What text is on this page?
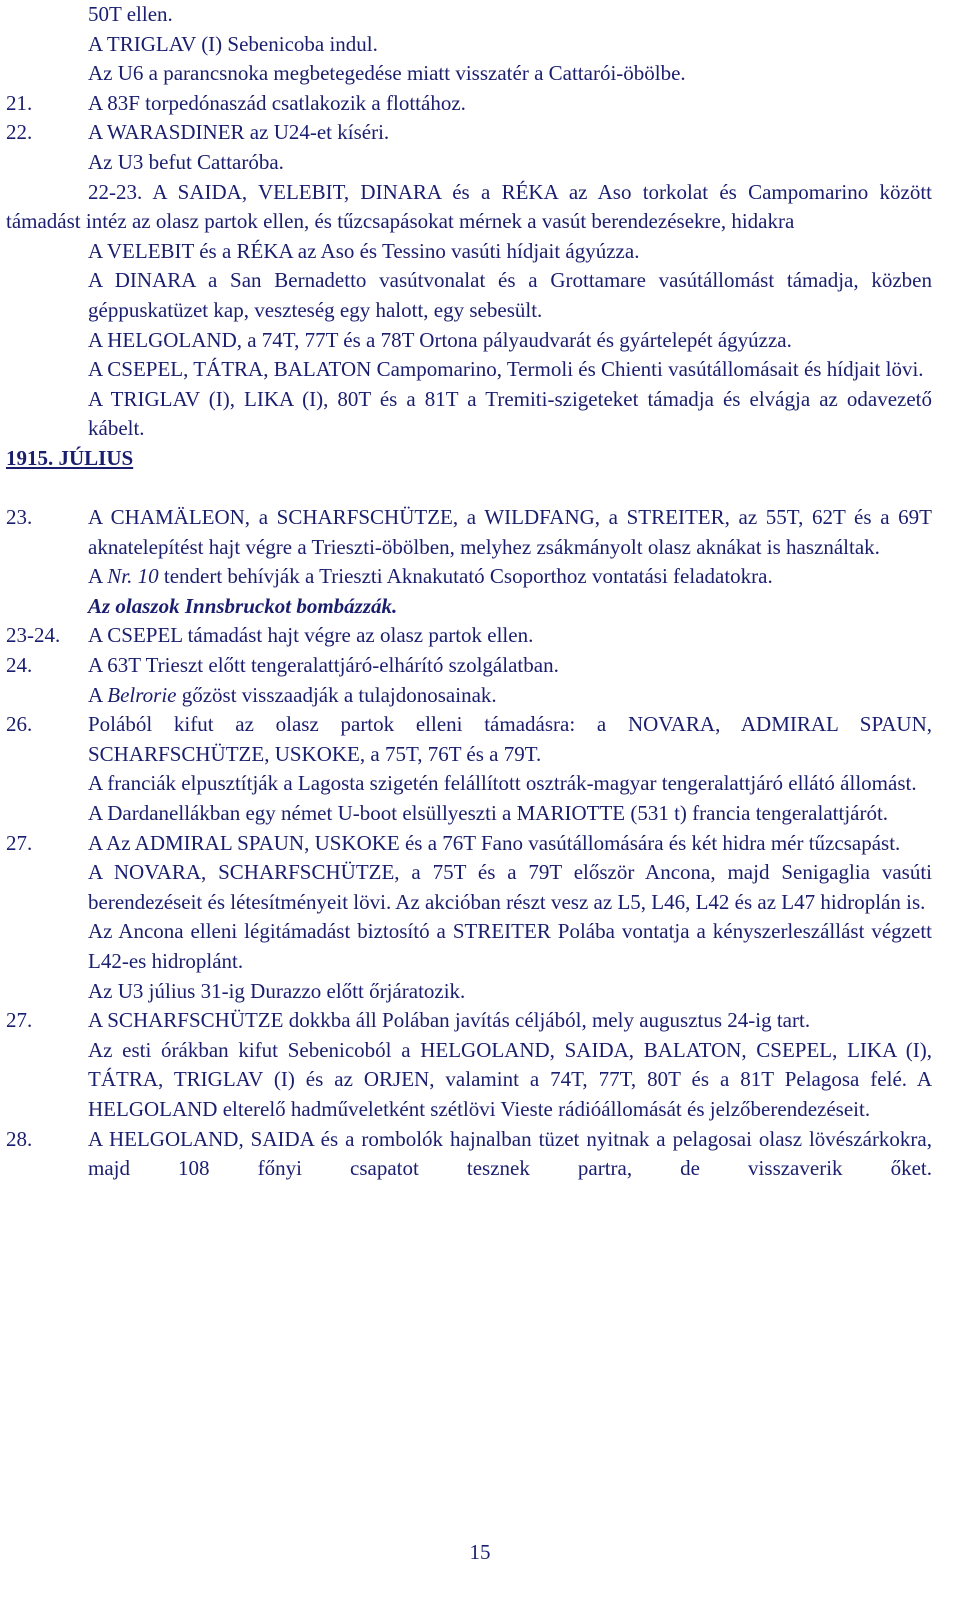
50T ellen.
A TRIGLAV (I) Sebenicoba indul.
Az U6 a parancsnoka megbetegedése miatt visszatér a Cattarói-öbölbe.
21.	A 83F torpedónaszád csatlakozik a flottához.
22.	A WARASDINER az U24-et kíséri.
Az U3 befut Cattaróba.
22-23. A SAIDA, VELEBIT, DINARA és a RÉKA az Aso torkolat és Campomarino között támadást intéz az olasz partok ellen, és tűzcsapásokat mérnek a vasút berendezésekre, hidakra
A VELEBIT és a RÉKA az Aso és Tessino vasúti hídjait ágyúzza.
A DINARA a San Bernadetto vasútvonalat és a Grottamare vasútállomást támadja, közben géppuskatüzet kap, veszteség egy halott, egy sebesült.
A HELGOLAND, a 74T, 77T és a 78T Ortona pályaudvarát és gyártelepét ágyúzza.
A CSEPEL, TÁTRA, BALATON Campomarino, Termoli és Chienti vasútállomásait és hídjait lövi.
A TRIGLAV (I), LIKA (I), 80T és a 81T a Tremiti-szigeteket támadja és elvágja az odavezető kábelt.
1915. JÚLIUS
23.	A CHAMÄLEON, a SCHARFSCHÜTZE, a WILDFANG, a STREITER, az 55T, 62T és a 69T aknatelepítést hajt végre a Trieszti-öbölben, melyhez zsákmányolt olasz aknákat is használtak.
A Nr. 10 tendert behívják a Trieszti Aknakutató Csoporthoz vontatási feladatokra.
Az olaszok Innsbruckot bombázzák.
23-24. A CSEPEL támadást hajt végre az olasz partok ellen.
24.	A 63T Trieszt előtt tengeralattjáró-elhárító szolgálatban.
A Belrorie gőzöst visszaadják a tulajdonosainak.
26.	Polából kifut az olasz partok elleni támadásra: a NOVARA, ADMIRAL SPAUN, SCHARFSCHÜTZE, USKOKE, a 75T, 76T és a 79T.
A franciák elpusztítják a Lagosta szigetén felállított osztrák-magyar tengeralattjáró ellátó állomást.
A Dardanellákban egy német U-boot elsüllyeszti a MARIOTTE (531 t) francia tengeralattjárót.
27.	A Az ADMIRAL SPAUN, USKOKE és a 76T Fano vasútállomására és két hidra mér tűzcsapást.
A NOVARA, SCHARFSCHÜTZE, a 75T és a 79T először Ancona, majd Senigaglia vasúti berendezéseit és létesítményeit lövi. Az akcióban részt vesz az L5, L46, L42 és az L47 hidroplán is.
Az Ancona elleni légitámadást biztosító a STREITER Polába vontatja a kényszerleszállást végzett L42-es hidroplánt.
Az U3 július 31-ig Durazzo előtt őrjáratozik.
27.	A SCHARFSCHÜTZE dokkba áll Polában javítás céljából, mely augusztus 24-ig tart.
Az esti órákban kifut Sebenicoból a HELGOLAND, SAIDA, BALATON, CSEPEL, LIKA (I), TÁTRA, TRIGLAV (I) és az ORJEN, valamint a 74T, 77T, 80T és a 81T Pelagosa felé. A HELGOLAND elterelő hadműveletként szétlövi Vieste rádióállomását és jelzőberendezéseit.
28.	A HELGOLAND, SAIDA és a rombolók hajnalban tüzet nyitnak a pelagosai olasz lövészárkokra, majd 108 főnyi csapatot tesznek partra, de visszaverik őket.
15
